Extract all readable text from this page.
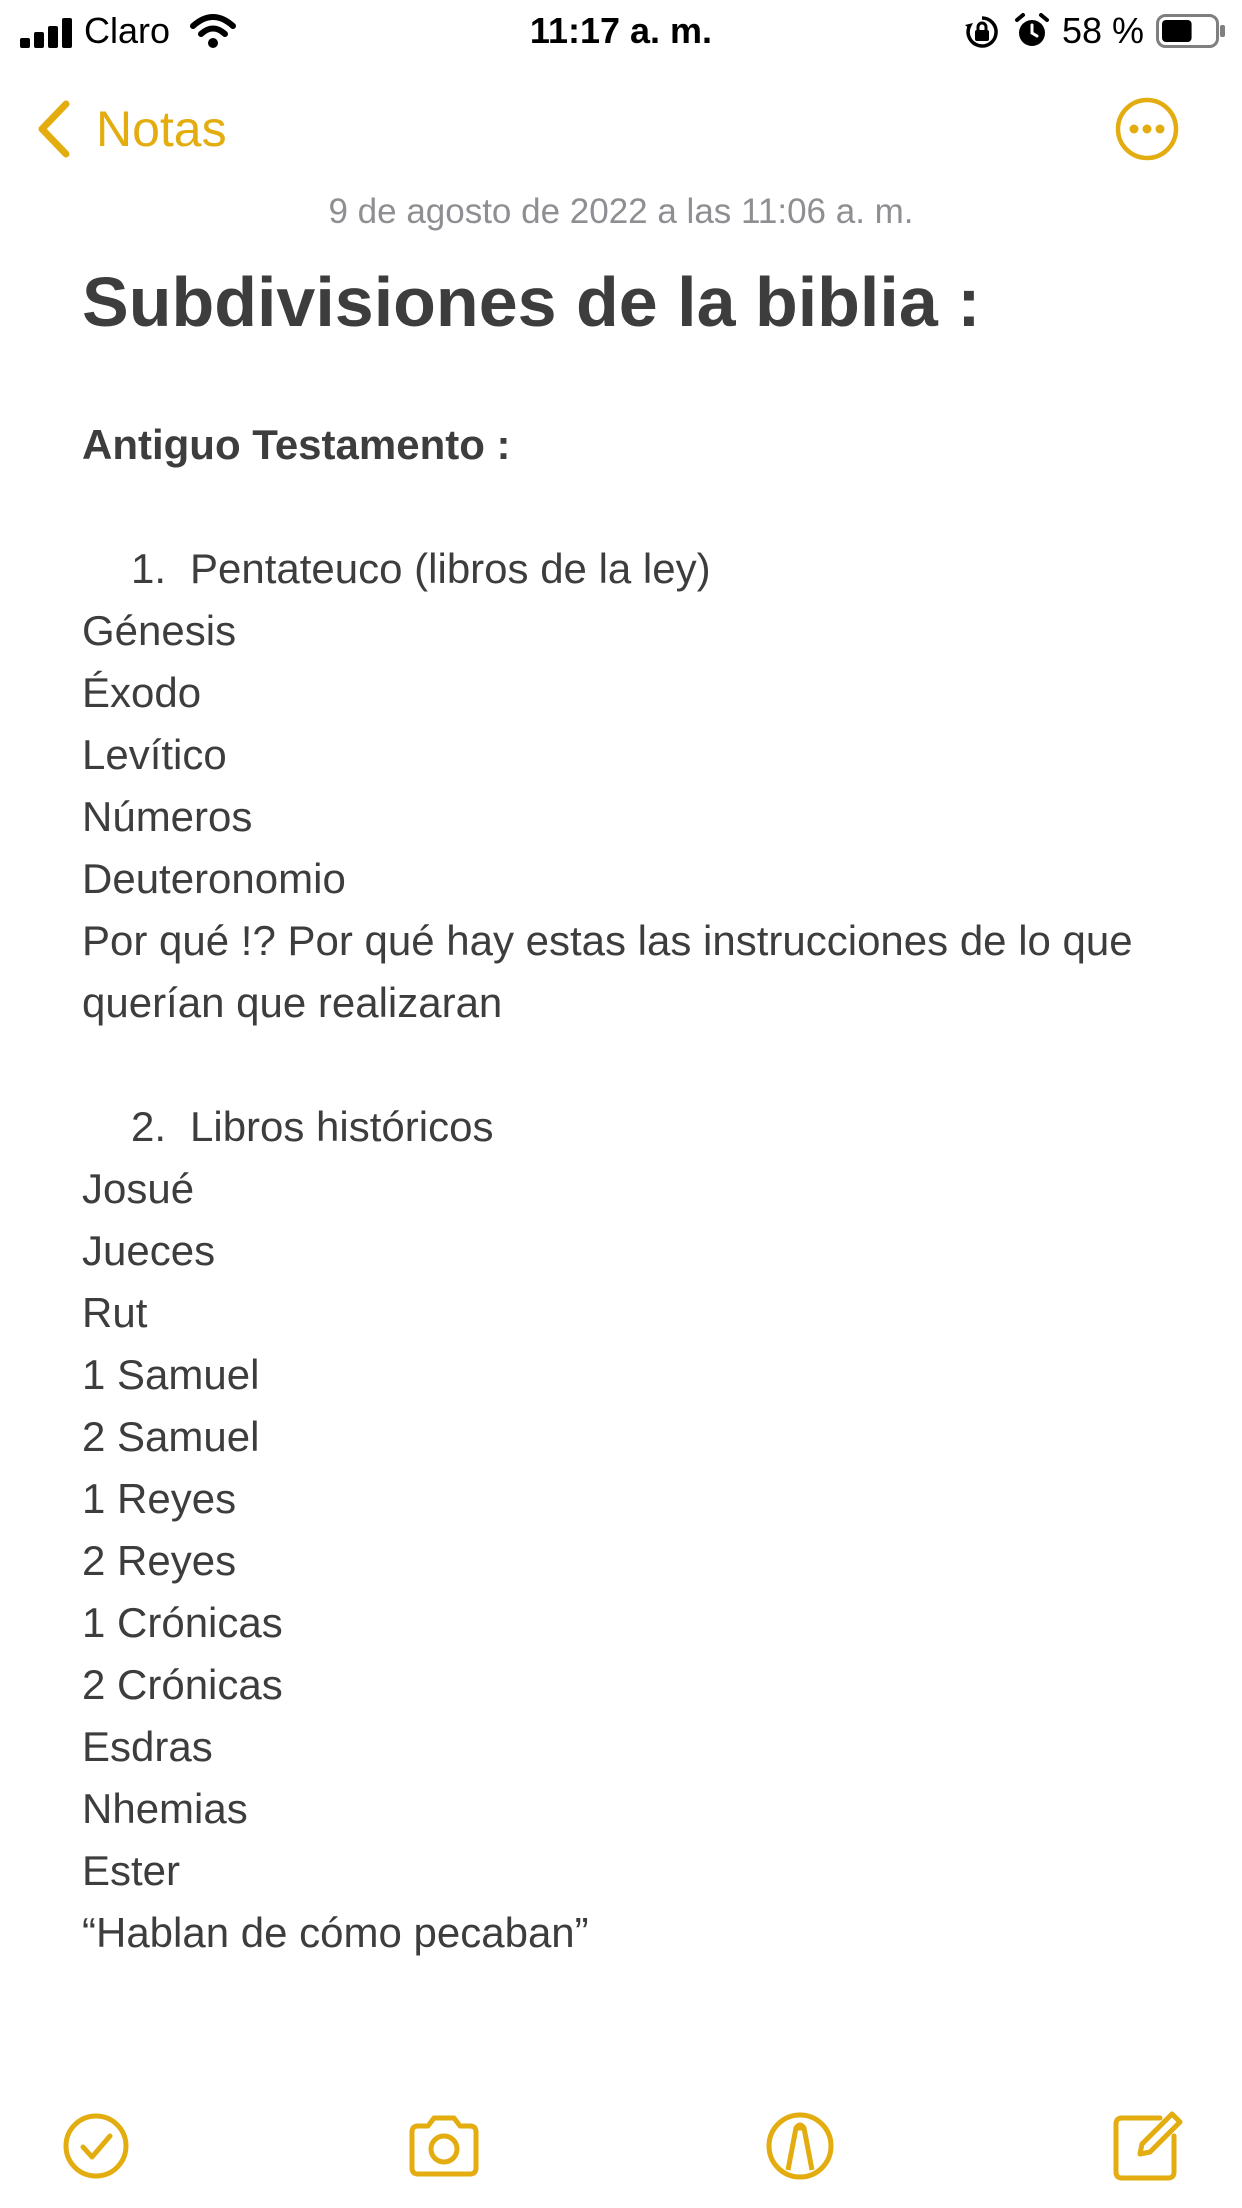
Claro	11:17 a. m.	58 %
Notas
9 de agosto de 2022 a las 11:06 a. m.
Subdivisiones de la biblia :
Antiguo Testamento :
1. Pentateuco (libros de la ley)
Génesis
Éxodo
Levítico
Números
Deuteronomio
Por qué !? Por qué hay estas las instrucciones de lo que querían que realizaran
2. Libros históricos
Josué
Jueces
Rut
1 Samuel
2 Samuel
1 Reyes
2 Reyes
1 Crónicas
2 Crónicas
Esdras
Nhemias
Ester
“Hablan de cómo pecaban”
